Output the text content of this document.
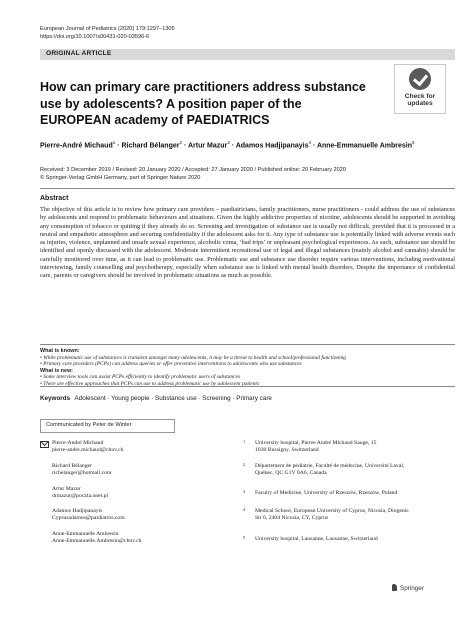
European Journal of Pediatrics (2020) 179:1297–1305
https://doi.org/10.1007/s00431-020-03596-6
ORIGINAL ARTICLE
How can primary care practitioners address substance use by adolescents? A position paper of the EUROPEAN academy of PAEDIATRICS
Check for
updates
Pierre-André Michaud$^1$ · Richard Bélanger$^2$ · Artur Mazur$^3$ · Adamos Hadjipanayis$^4$ · Anne-Emmanuelle Ambresin$^5$
Received: 3 December 2019 / Revised: 20 January 2020 / Accepted: 27 January 2020 / Published online: 20 February 2020
© Springer-Verlag GmbH Germany, part of Springer Nature 2020
Abstract
The objective of this article is to review how primary care providers – paediatricians, family practitioners, nurse practitioners - could address the use of substances by adolescents and respond to problematic behaviours and situations. Given the highly addictive properties of nicotine, adolescents should be supported in avoiding any consumption of tobacco or quitting if they already do so. Screening and investigation of substance use is usually not difficult, provided that it is processed in a neutral and empathetic atmosphere and securing confidentiality if the adolescent asks for it. Any type of substance use is potentially linked with adverse events such as injuries, violence, unplanned and unsafe sexual experience, alcoholic coma, ‘bad trips’ or unpleasant psychological experiences. As such, substance use should be identified and openly discussed with the adolescent. Moderate intermittent recreational use of legal and illegal substances (mainly alcohol and cannabis) should be carefully monitored over time, as it can lead to problematic use. Problematic use and substance use disorder require various interventions, including motivational interviewing, family counselling and psychotherapy, especially when substance use is linked with mental health disorders. Despite the importance of confidential care, parents or caregivers should be involved in problematic situations as much as possible.
What is known:
• While problematic use of substances is transient amongst many adolescents, it may be a threat to health and school/professional functioning
• Primary care providers (PCPs) can address queries or offer preventive interventions to adolescents who use substances
What is new:
• Some interview tools can assist PCPs efficiently to identify problematic users of substances
• There are effective approaches that PCPs can use to address problematic use by adolescent patients
Keywords Adolescent · Young people · Substance use · Screening · Primary care
Communicated by Peter de Winter
Pierre-André Michaud
pierre-andre.michaud@chuv.ch
Richard Bélanger
richelanger@hotmail.com
Artur Mazur
drmazur@poczta.onet.pl
Adamos Hadjipanayis
Cyprusadamos@paidiatros.com
Anne-Emmanuelle Ambresin
Anne-Emmanuelle.Ambresin@chuv.ch
1 University hospital, Pierre-André Michaud Sauge, 15
1030 Bussigny, Switzerland
2 Département de pédiatrie, Faculté de médecine, Université Laval,
Québec, QC G1V 0A6, Canada
3 Faculty of Medicine, University of Rzeszów, Rzeszów, Poland
4 Medical School, European University of Cyprus, Nicosia, Diogenis
Str 6, 2404 Nicosia, CY, Cyprus
5 University hospital, Lausanne, Lausanne, Switzerland
Springer
